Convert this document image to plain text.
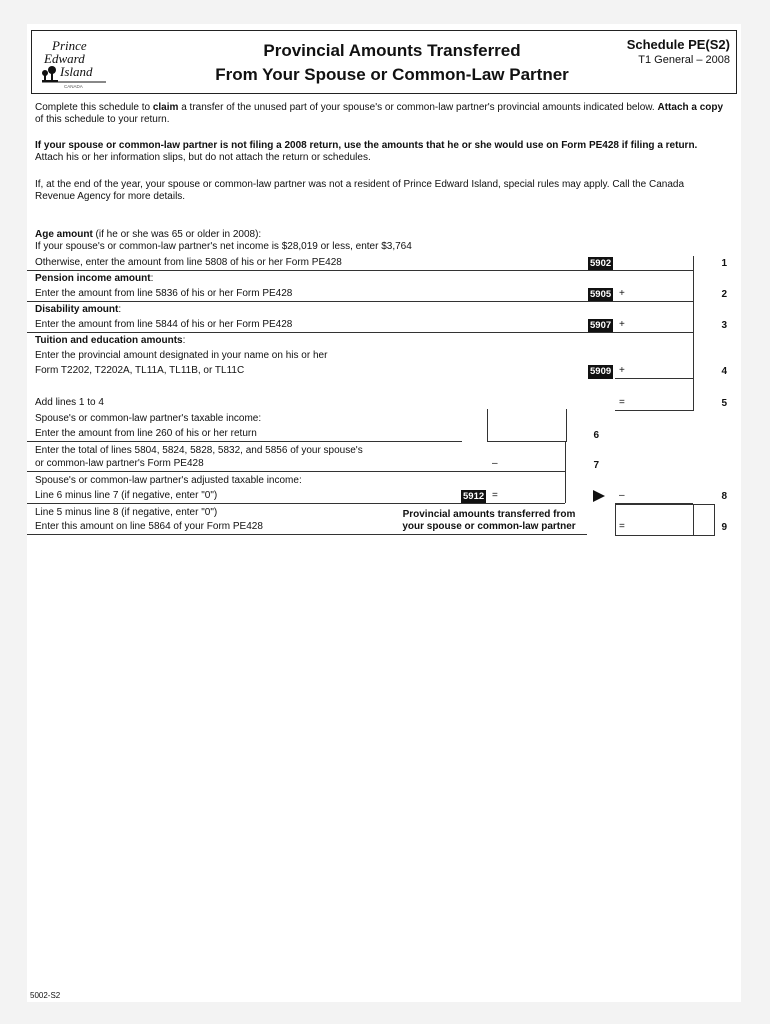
Prince
Edward
Island
CANADA
Provincial Amounts Transferred
From Your Spouse or Common-Law Partner
Schedule PE(S2)
T1 General – 2008
Complete this schedule to claim a transfer of the unused part of your spouse's or common-law partner's provincial amounts indicated below. Attach a copy of this schedule to your return.
If your spouse or common-law partner is not filing a 2008 return, use the amounts that he or she would use on Form PE428 if filing a return. Attach his or her information slips, but do not attach the return or schedules.
If, at the end of the year, your spouse or common-law partner was not a resident of Prince Edward Island, special rules may apply. Call the Canada Revenue Agency for more details.
Age amount (if he or she was 65 or older in 2008):
If your spouse's or common-law partner's net income is $28,019 or less, enter $3,764
Otherwise, enter the amount from line 5808 of his or her Form PE428	5902	1
Pension income amount:
Enter the amount from line 5836 of his or her Form PE428	5905 +	2
Disability amount:
Enter the amount from line 5844 of his or her Form PE428	5907 +	3
Tuition and education amounts:
Enter the provincial amount designated in your name on his or her
Form T2202, T2202A, TL11A, TL11B, or TL11C	5909 +	4
Add lines 1 to 4	=	5
Spouse's or common-law partner's taxable income:
Enter the amount from line 260 of his or her return	6
Enter the total of lines 5804, 5824, 5828, 5832, and 5856 of your spouse's
or common-law partner's Form PE428	–	7
Spouse's or common-law partner's adjusted taxable income:
Line 6 minus line 7 (if negative, enter "0")	5912 =	–	8
Line 5 minus line 8 (if negative, enter "0")
Enter this amount on line 5864 of your Form PE428
Provincial amounts transferred from
your spouse or common-law partner	=	9
5002-S2
